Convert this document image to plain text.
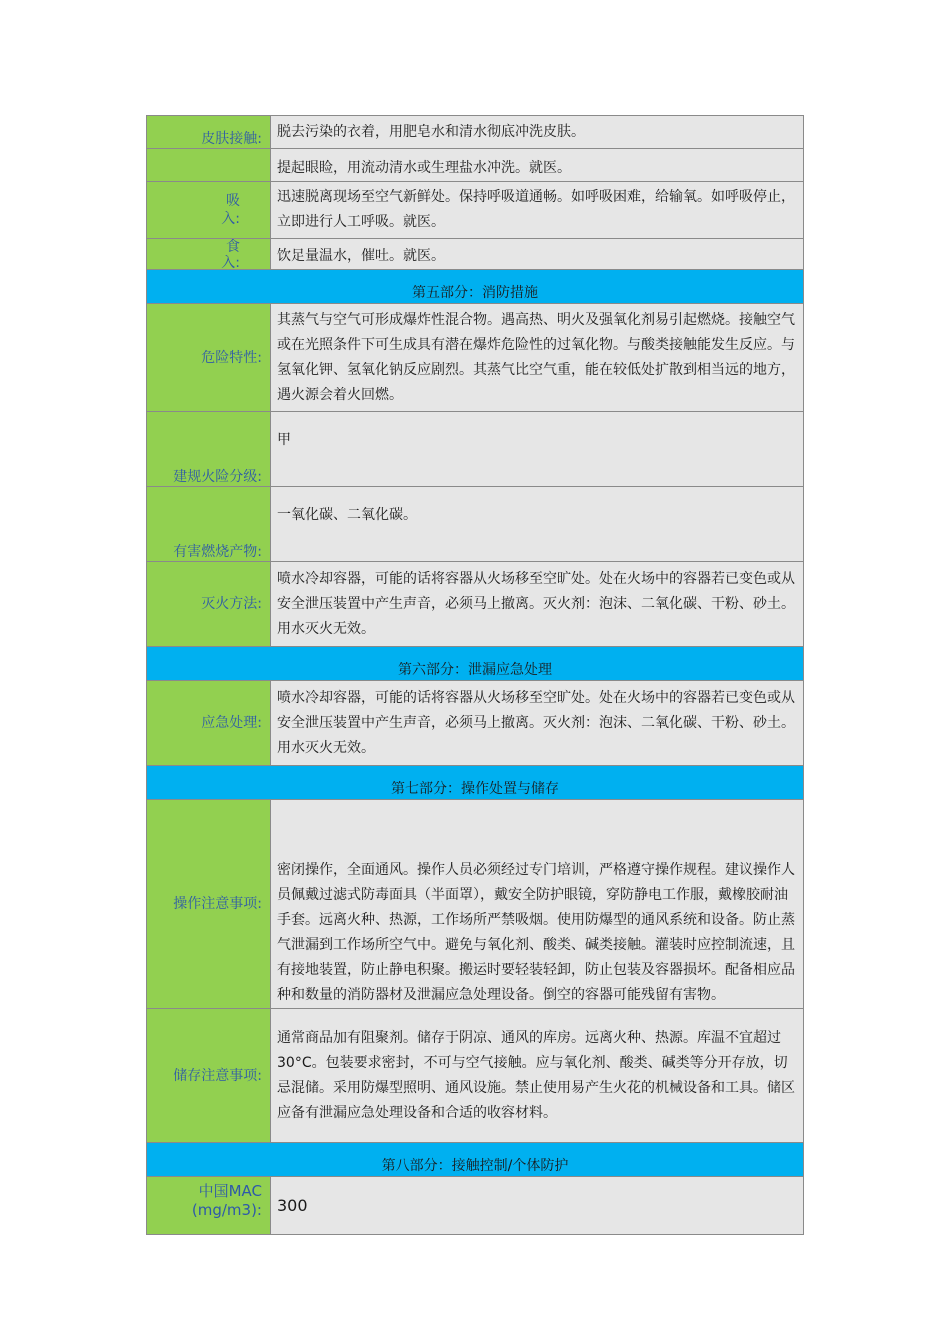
皮肤接触:	脱去污染的衣着，用肥皂水和清水彻底冲洗皮肤。
	提起眼睑，用流动清水或生理盐水冲洗。就医。

吸
入:	迅速脱离现场至空气新鲜处。保持呼吸道通畅。如呼吸困难，给输氧。如呼吸停止，立即进行人工呼吸。就医。

食
入:	饮足量温水，催吐。就医。
第五部分：消防措施	
危险特性:	其蒸气与空气可形成爆炸性混合物。遇高热、明火及强氧化剂易引起燃烧。接触空气或在光照条件下可生成具有潜在爆炸危险性的过氧化物。与酸类接触能发生反应。与氢氧化钾、氢氧化钠反应剧烈。其蒸气比空气重，能在较低处扩散到相当远的地方，遇火源会着火回燃。
建规火险分级:	甲
有害燃烧产物:	一氧化碳、二氧化碳。
灭火方法:	喷水冷却容器，可能的话将容器从火场移至空旷处。处在火场中的容器若已变色或从安全泄压装置中产生声音，必须马上撤离。灭火剂：泡沫、二氧化碳、干粉、砂土。用水灭火无效。
第六部分：泄漏应急处理	
应急处理:	喷水冷却容器，可能的话将容器从火场移至空旷处。处在火场中的容器若已变色或从安全泄压装置中产生声音，必须马上撤离。灭火剂：泡沫、二氧化碳、干粉、砂土。用水灭火无效。
第七部分：操作处置与储存	
操作注意事项:	密闭操作，全面通风。操作人员必须经过专门培训，严格遵守操作规程。建议操作人员佩戴过滤式防毒面具（半面罩），戴安全防护眼镜，穿防静电工作服，戴橡胶耐油手套。远离火种、热源，工作场所严禁吸烟。使用防爆型的通风系统和设备。防止蒸气泄漏到工作场所空气中。避免与氧化剂、酸类、碱类接触。灌装时应控制流速，且有接地装置，防止静电积聚。搬运时要轻装轻卸，防止包装及容器损坏。配备相应品种和数量的消防器材及泄漏应急处理设备。倒空的容器可能残留有害物。
储存注意事项:	通常商品加有阻聚剂。储存于阴凉、通风的库房。远离火种、热源。库温不宜超过 30°C。包装要求密封，不可与空气接触。应与氧化剂、酸类、碱类等分开存放，切忌混储。采用防爆型照明、通风设施。禁止使用易产生火花的机械设备和工具。储区应备有泄漏应急处理设备和合适的收容材料。
第八部分：接触控制/个体防护	

中国MAC (mg/m3):	300
